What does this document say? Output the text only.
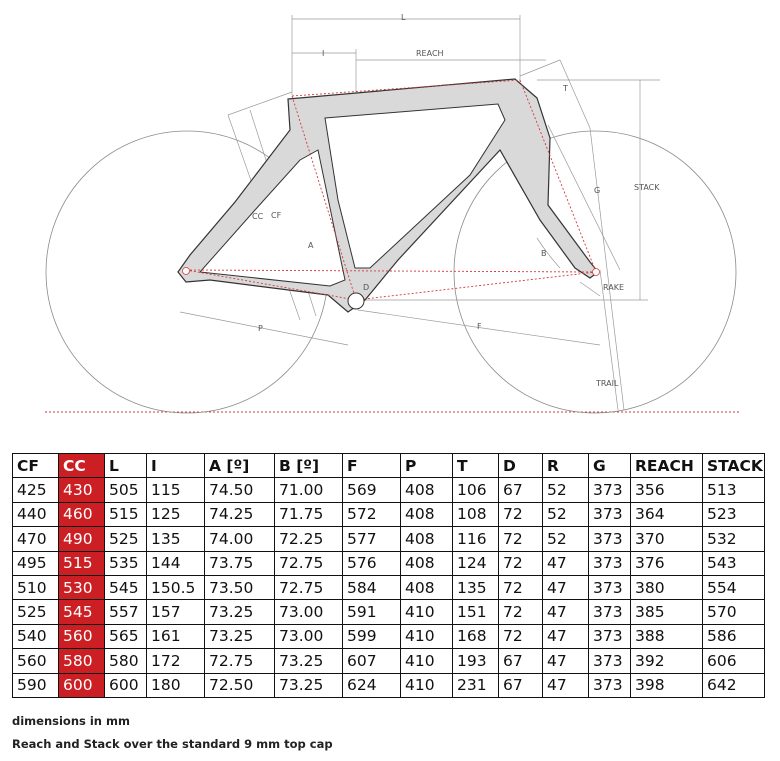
L
I	REACH
T
STACK
G
CC CF
A
B
D	RAKE
P	F
TRAIL
CF	CC	L	I	A [º]	B [º]	F	P	T	D	R	G	REACH	STACK
425	430	505	115	74.50	71.00	569	408	106	67	52	373	356	513
440	460	515	125	74.25	71.75	572	408	108	72	52	373	364	523
470	490	525	135	74.00	72.25	577	408	116	72	52	373	370	532
495	515	535	144	73.75	72.75	576	408	124	72	47	373	376	543
510	530	545	150.5	73.50	72.75	584	408	135	72	47	373	380	554
525	545	557	157	73.25	73.00	591	410	151	72	47	373	385	570
540	560	565	161	73.25	73.00	599	410	168	72	47	373	388	586
560	580	580	172	72.75	73.25	607	410	193	67	47	373	392	606
590	600	600	180	72.50	73.25	624	410	231	67	47	373	398	642
dimensions in mm
Reach and Stack over the standard 9 mm top cap
